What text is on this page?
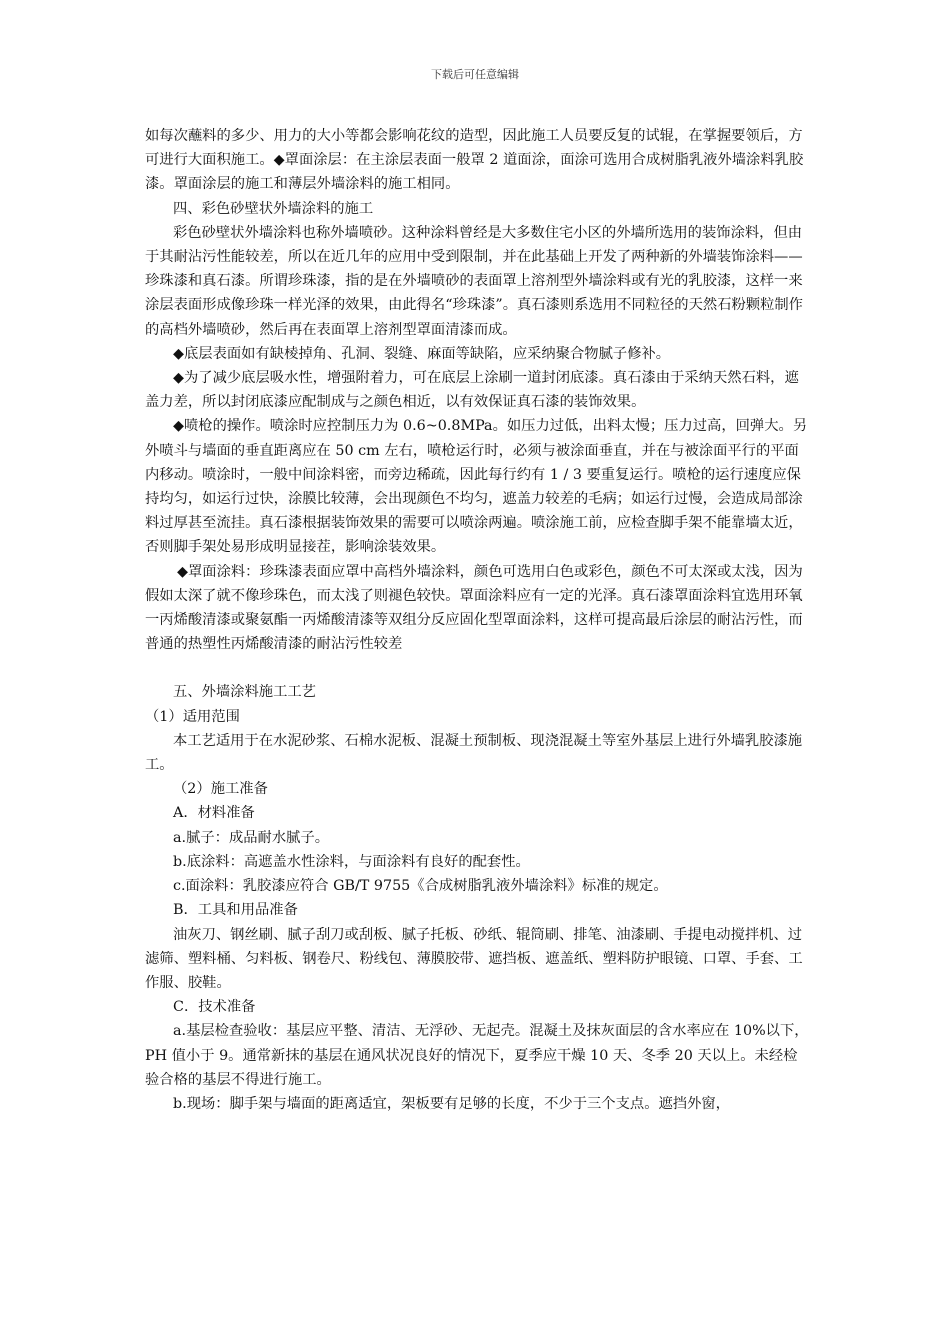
下载后可任意编辑

如每次蘸料的多少、用力的大小等都会影响花纹的造型，因此施工人员要反复的试辊，在掌握要领后，方可进行大面积施工。◆罩面涂层：在主涂层表面一般罩 2 道面涂，面涂可选用合成树脂乳液外墙涂料乳胶漆。罩面涂层的施工和薄层外墙涂料的施工相同。

四、彩色砂壁状外墙涂料的施工

彩色砂壁状外墙涂料也称外墙喷砂。这种涂料曾经是大多数住宅小区的外墙所选用的装饰涂料，但由于其耐沾污性能较差，所以在近几年的应用中受到限制，并在此基础上开发了两种新的外墙装饰涂料——珍珠漆和真石漆。所谓珍珠漆，指的是在外墙喷砂的表面罩上溶剂型外墙涂料或有光的乳胶漆，这样一来涂层表面形成像珍珠一样光泽的效果，由此得名“珍珠漆”。真石漆则系选用不同粒径的天然石粉颗粒制作的高档外墙喷砂，然后再在表面罩上溶剂型罩面清漆而成。

◆底层表面如有缺棱掉角、孔洞、裂缝、麻面等缺陷，应采纳聚合物腻子修补。

◆为了减少底层吸水性，增强附着力，可在底层上涂刷一道封闭底漆。真石漆由于采纳天然石料，遮盖力差，所以封闭底漆应配制成与之颜色相近，以有效保证真石漆的装饰效果。

◆喷枪的操作。喷涂时应控制压力为 0.6~0.8MPa。如压力过低，出料太慢；压力过高，回弹大。另外喷斗与墙面的垂直距离应在 50 cm 左右，喷枪运行时，必须与被涂面垂直，并在与被涂面平行的平面内移动。喷涂时，一般中间涂料密，而旁边稀疏，因此每行约有 1 / 3 要重复运行。喷枪的运行速度应保持均匀，如运行过快，涂膜比较薄，会出现颜色不均匀，遮盖力较差的毛病；如运行过慢，会造成局部涂料过厚甚至流挂。真石漆根据装饰效果的需要可以喷涂两遍。喷涂施工前，应检查脚手架不能靠墙太近，否则脚手架处易形成明显接茬，影响涂装效果。

◆罩面涂料：珍珠漆表面应罩中高档外墙涂料，颜色可选用白色或彩色，颜色不可太深或太浅，因为假如太深了就不像珍珠色，而太浅了则褪色较快。罩面涂料应有一定的光泽。真石漆罩面涂料宜选用环氧一丙烯酸清漆或聚氨酯一丙烯酸清漆等双组分反应固化型罩面涂料，这样可提高最后涂层的耐沾污性，而普通的热塑性丙烯酸清漆的耐沾污性较差

五、外墙涂料施工工艺

（1）适用范围

本工艺适用于在水泥砂浆、石棉水泥板、混凝土预制板、现浇混凝土等室外基层上进行外墙乳胶漆施工。

（2）施工准备

A．材料准备

a.腻子：成品耐水腻子。

b.底涂料：高遮盖水性涂料，与面涂料有良好的配套性。

c.面涂料：乳胶漆应符合 GB/T 9755《合成树脂乳液外墙涂料》标准的规定。

B．工具和用品准备

油灰刀、钢丝刷、腻子刮刀或刮板、腻子托板、砂纸、辊筒刷、排笔、油漆刷、手提电动搅拌机、过滤筛、塑料桶、匀料板、钢卷尺、粉线包、薄膜胶带、遮挡板、遮盖纸、塑料防护眼镜、口罩、手套、工作服、胶鞋。

C．技术准备

a.基层检查验收：基层应平整、清洁、无浮砂、无起壳。混凝土及抹灰面层的含水率应在 10%以下，PH 值小于 9。通常新抹的基层在通风状况良好的情况下，夏季应干燥 10 天、冬季 20 天以上。未经检验合格的基层不得进行施工。

b.现场：脚手架与墙面的距离适宜，架板要有足够的长度，不少于三个支点。遮挡外窗，
